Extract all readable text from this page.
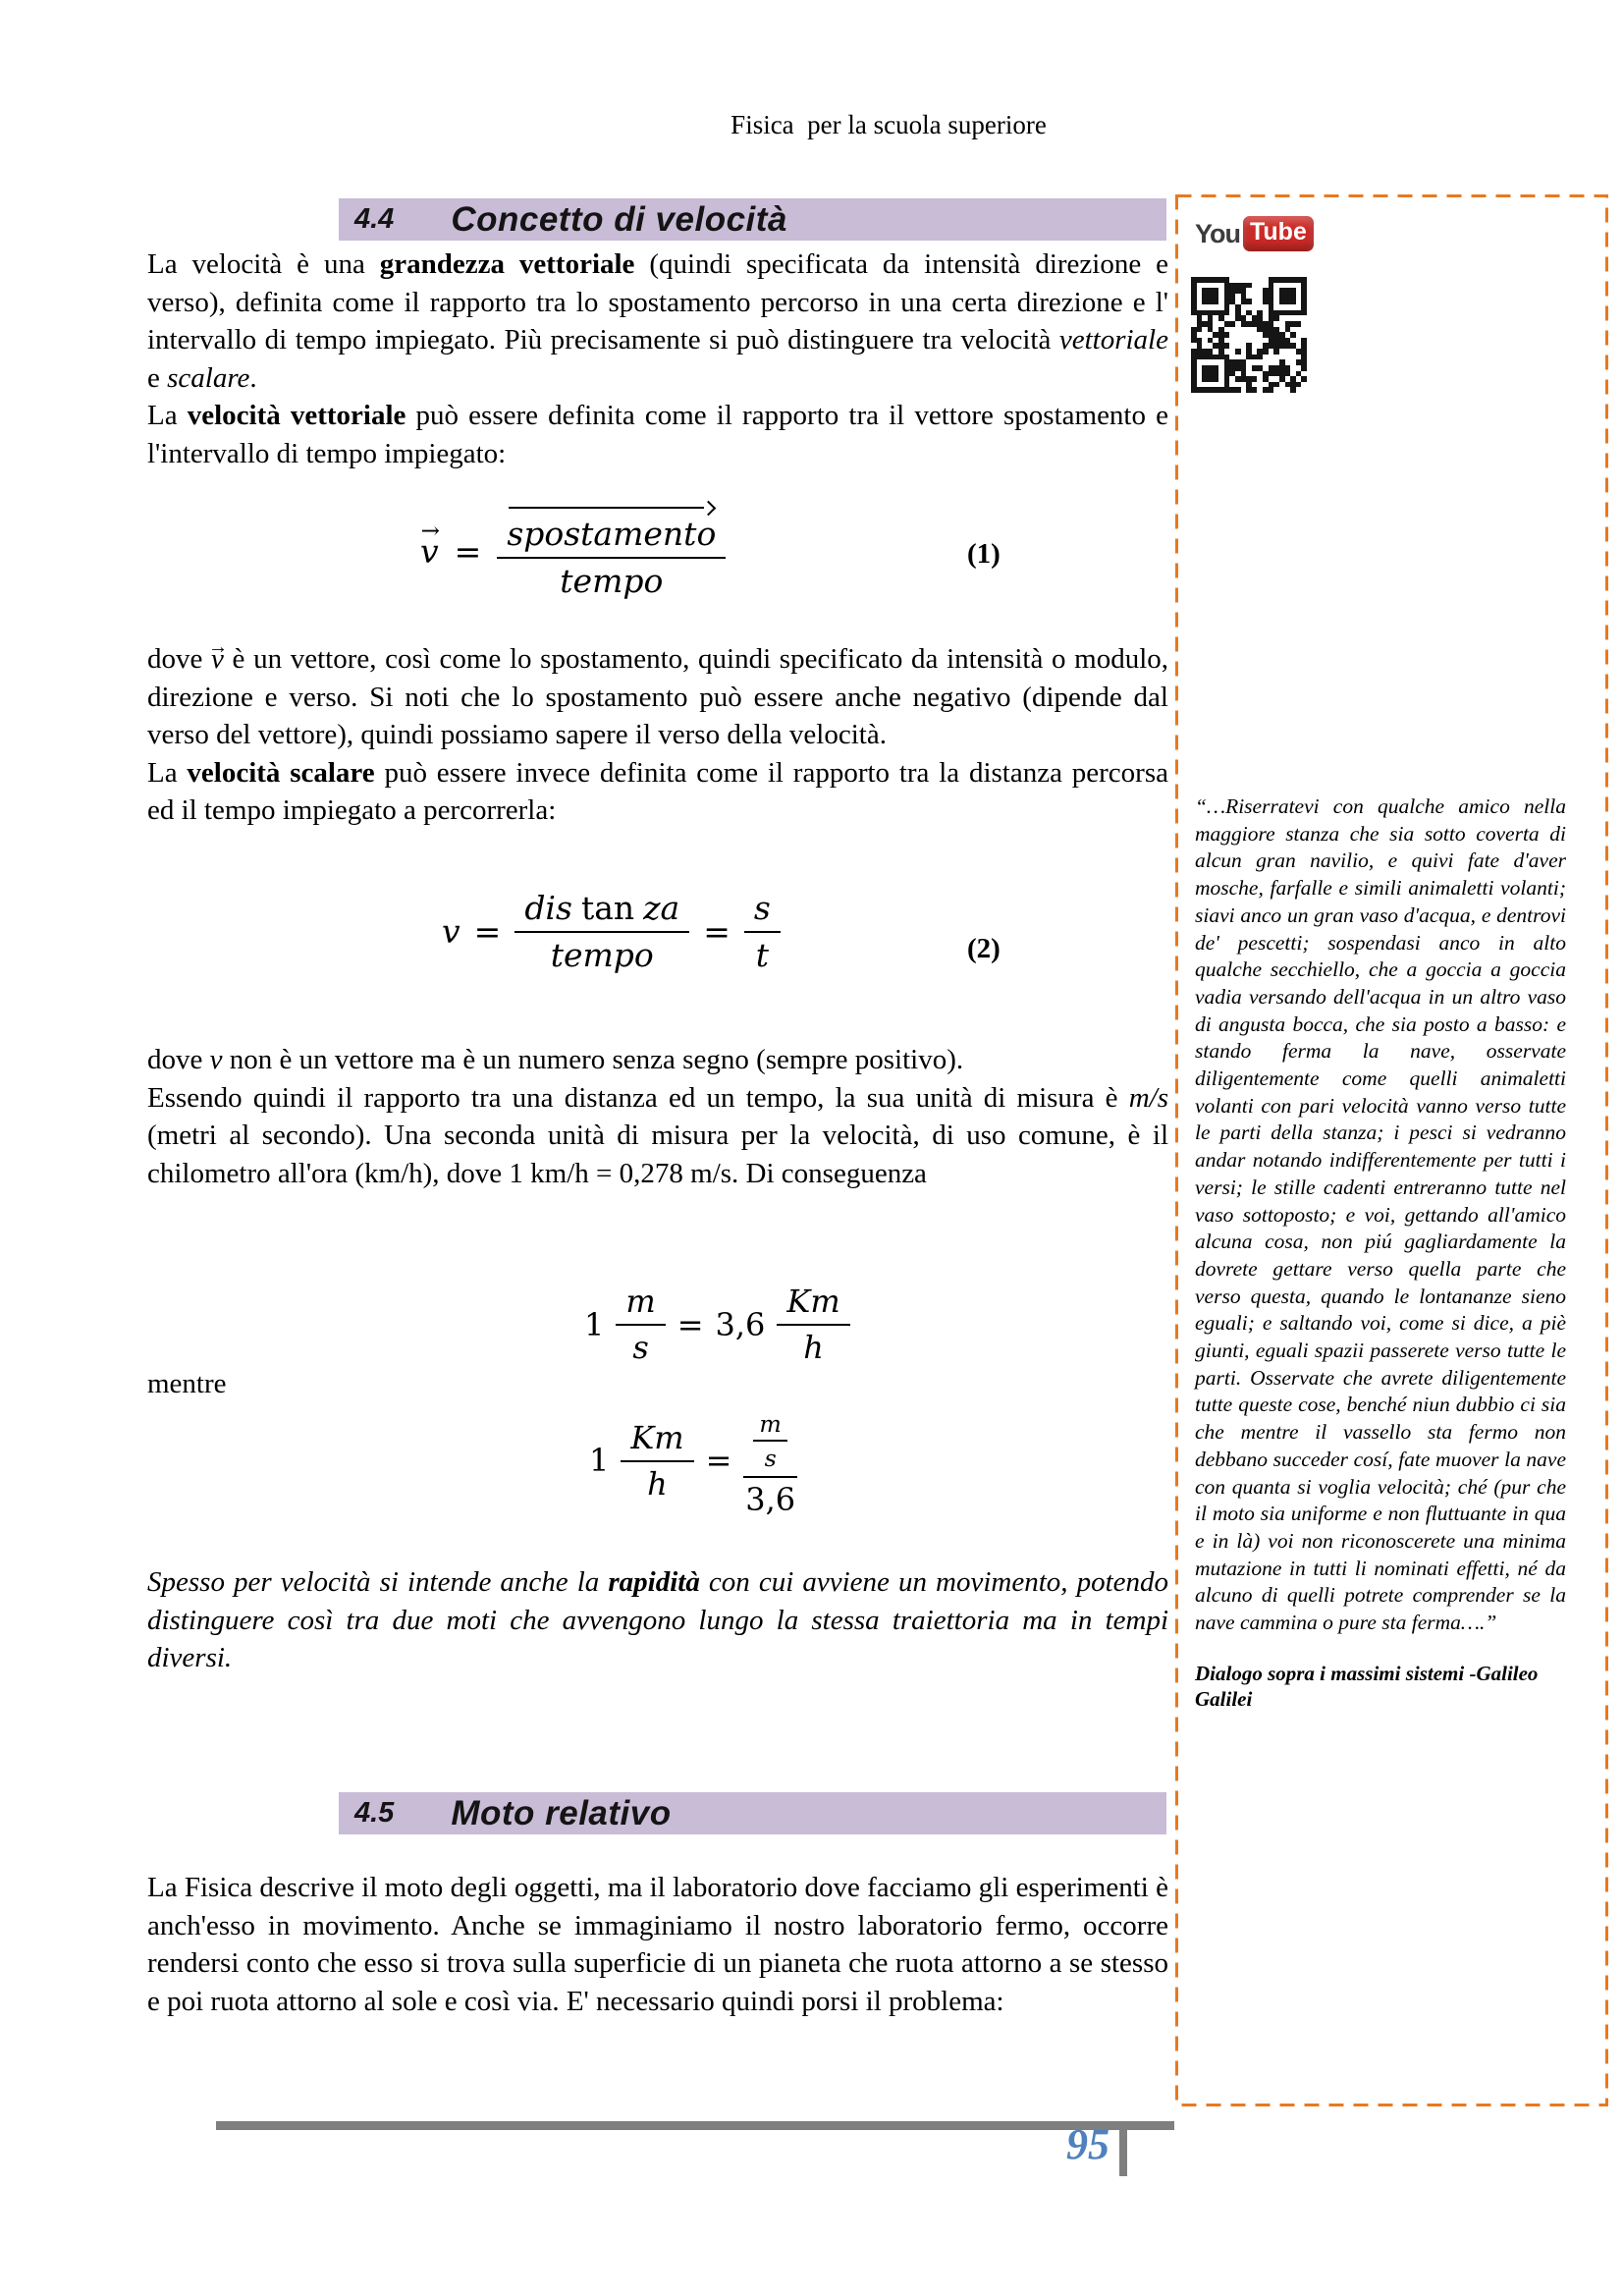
Fisica  per la scuola superiore
4.4 Concetto di velocità

La velocità è una grandezza vettoriale (quindi specificata da intensità direzione e verso), definita come il rapporto tra lo spostamento percorso in una certa direzione e l' intervallo di tempo impiegato. Più precisamente si può distinguere tra velocità vettoriale e scalare.

La velocità vettoriale può essere definita come il rapporto tra il vettore spostamento e l'intervallo di tempo impiegato:

v → = $\frac{\text{spostamento}}{\text{tempo}}$	(1)

dove v → è un vettore, così come lo spostamento, quindi specificato da intensità o modulo, direzione e verso. Si noti che lo spostamento può essere anche negativo (dipende dal verso del vettore), quindi possiamo sapere il verso della velocità.

La velocità scalare può essere invece definita come il rapporto tra la distanza percorsa ed il tempo impiegato a percorrerla:

$v = \frac{\text{dis tan za}}{\text{tempo}} = \frac{s}{t}$	(2)

dove v non è un vettore ma è un numero senza segno (sempre positivo).

Essendo quindi il rapporto tra una distanza ed un tempo, la sua unità di misura è m/s (metri al secondo). Una seconda unità di misura per la velocità, di uso comune, è il chilometro all'ora (km/h), dove 1 km/h = 0,278 m/s. Di conseguenza

$1 \frac{m}{s} = 3,6 \frac{Km}{h}$
mentre
$1 \frac{Km}{h} = \frac{\frac{m}{s}}{3,6}$

Spesso per velocità si intende anche la rapidità con cui avviene un movimento, potendo distinguere così tra due moti che avvengono lungo la stessa traiettoria ma in tempi diversi.

4.5 Moto relativo

La Fisica descrive il moto degli oggetti, ma il laboratorio dove facciamo gli esperimenti è anch'esso in movimento. Anche se immaginiamo il nostro laboratorio fermo, occorre rendersi conto che esso si trova sulla superficie di un pianeta che ruota attorno a se stesso e poi ruota attorno al sole e così via. E' necessario quindi porsi il problema:

You Tube
“…Riserratevi con qualche amico nella maggiore stanza che sia sotto coverta di alcun gran navilio, e quivi fate d'aver mosche, farfalle e simili animaletti volanti; siavi anco un gran vaso d'acqua, e dentrovi de' pescetti; sospendasi anco in alto qualche secchiello, che a goccia a goccia vadia versando dell'acqua in un altro vaso di angusta bocca, che sia posto a basso: e stando ferma la nave, osservate diligentemente come quelli animaletti volanti con pari velocità vanno verso tutte le parti della stanza; i pesci si vedranno andar notando indifferentemente per tutti i versi; le stille cadenti entreranno tutte nel vaso sottoposto; e voi, gettando all'amico alcuna cosa, non piú gagliardamente la dovrete gettare verso quella parte che verso questa, quando le lontananze sieno eguali; e saltando voi, come si dice, a piè giunti, eguali spazii passerete verso tutte le parti. Osservate che avrete diligentemente tutte queste cose, benché niun dubbio ci sia che mentre il vassello sta fermo non debbano succeder cosí, fate muover la nave con quanta si voglia velocità; ché (pur che il moto sia uniforme e non fluttuante in qua e in là) voi non riconoscerete una minima mutazione in tutti li nominati effetti, né da alcuno di quelli potrete comprender se la nave cammina o pure sta ferma….”
Dialogo sopra i massimi sistemi -Galileo Galilei
95
